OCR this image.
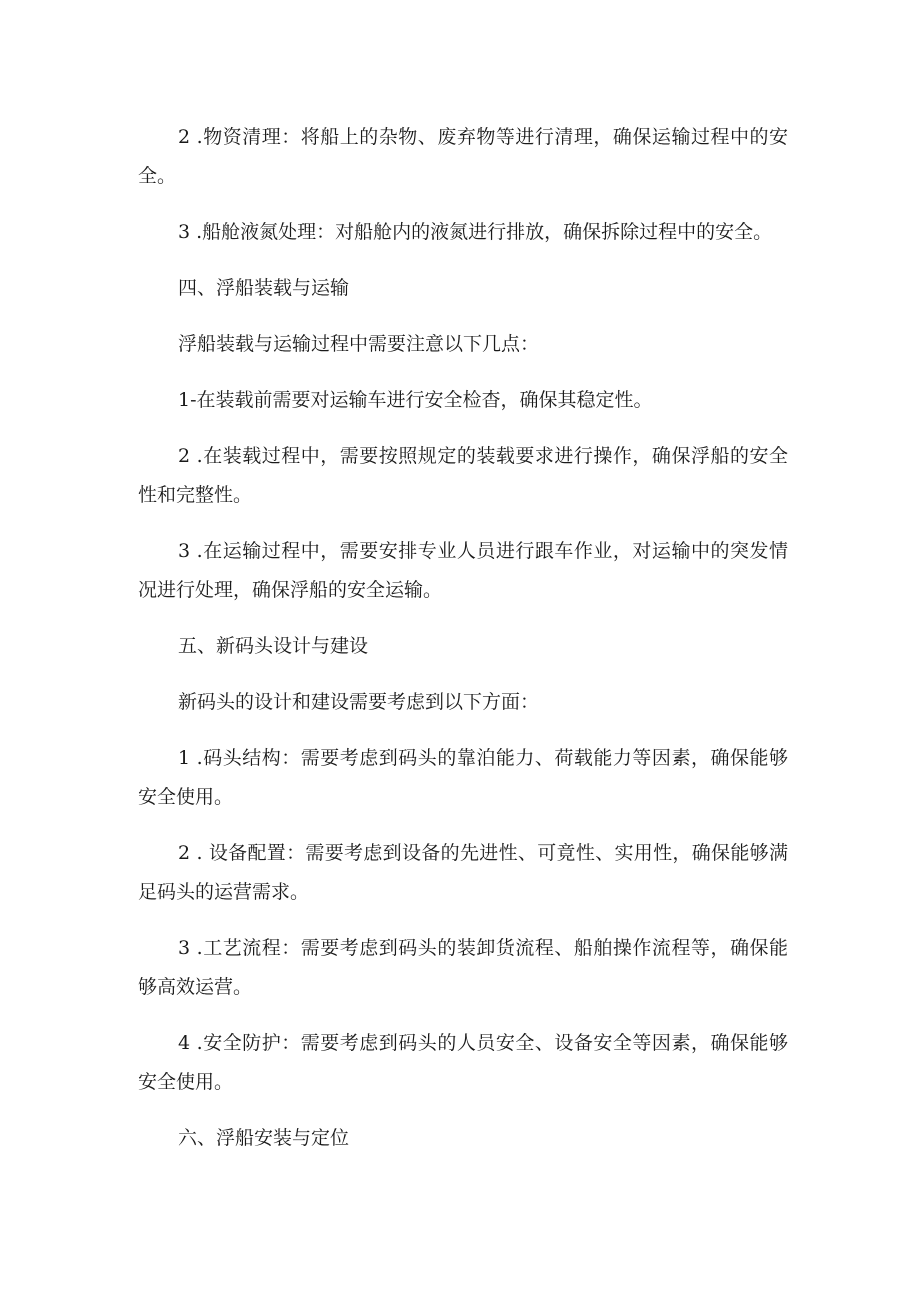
2 .物资清理：将船上的杂物、废弃物等进行清理，确保运输过程中的安全。

3 .船舱液氮处理：对船舱内的液氮进行排放，确保拆除过程中的安全。

四、浮船装载与运输

浮船装载与运输过程中需要注意以下几点：

1-在装载前需要对运输车进行安全检杳，确保其稳定性。

2 .在装载过程中，需要按照规定的装载要求进行操作，确保浮船的安全性和完整性。

3 .在运输过程中，需要安排专业人员进行跟车作业，对运输中的突发情况进行处理，确保浮船的安全运输。

五、新码头设计与建设

新码头的设计和建设需要考虑到以下方面：

1 .码头结构：需要考虑到码头的靠泊能力、荷载能力等因素，确保能够安全使用。

2 . 设备配置：需要考虑到设备的先进性、可竟性、实用性，确保能够满足码头的运营需求。

3 .工艺流程：需要考虑到码头的装卸货流程、船舶操作流程等，确保能够高效运营。

4 .安全防护：需要考虑到码头的人员安全、设备安全等因素，确保能够安全使用。

六、浮船安装与定位
